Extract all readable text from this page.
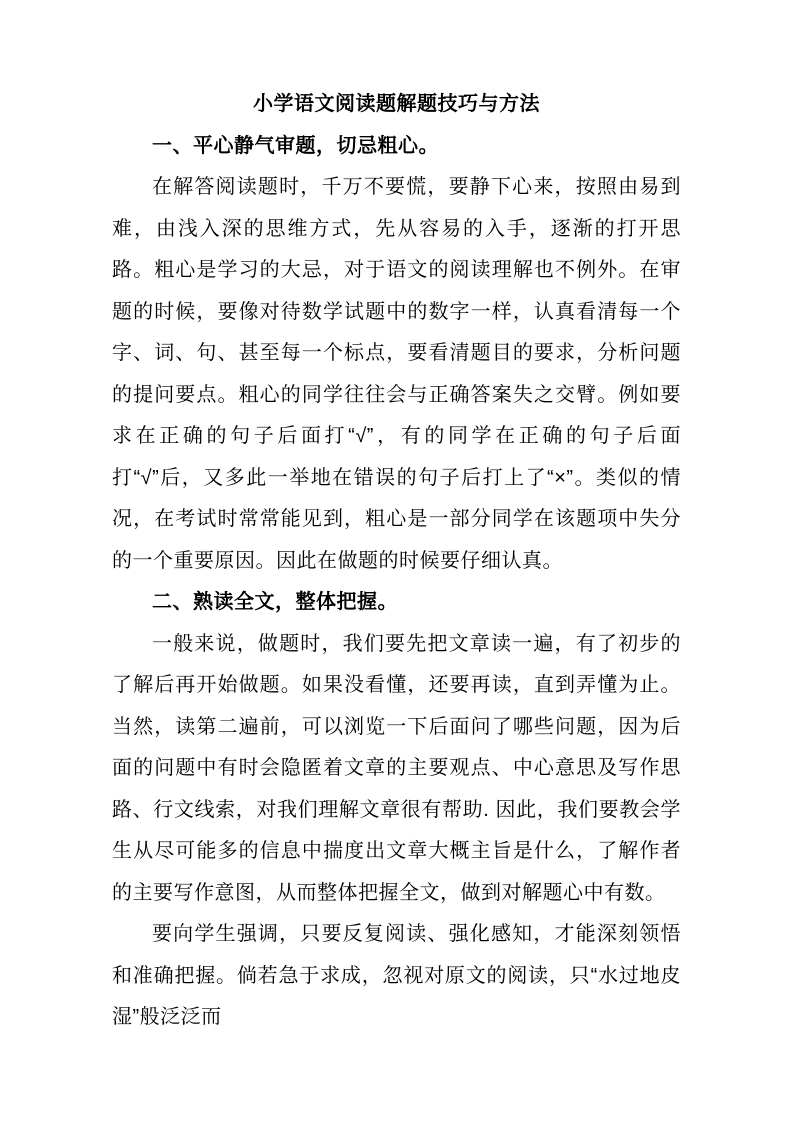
小学语文阅读题解题技巧与方法
一、平心静气审题，切忌粗心。

在解答阅读题时，千万不要慌，要静下心来，按照由易到难，由浅入深的思维方式，先从容易的入手，逐渐的打开思路。粗心是学习的大忌，对于语文的阅读理解也不例外。在审题的时候，要像对待数学试题中的数字一样，认真看清每一个字、词、句、甚至每一个标点，要看清题目的要求，分析问题的提问要点。粗心的同学往往会与正确答案失之交臂。例如要求在正确的句子后面打“√”，有的同学在正确的句子后面打“√”后，又多此一举地在错误的句子后打上了“×”。类似的情况，在考试时常常能见到，粗心是一部分同学在该题项中失分的一个重要原因。因此在做题的时候要仔细认真。

二、熟读全文，整体把握。

一般来说，做题时，我们要先把文章读一遍，有了初步的了解后再开始做题。如果没看懂，还要再读，直到弄懂为止。当然，读第二遍前，可以浏览一下后面问了哪些问题，因为后面的问题中有时会隐匿着文章的主要观点、中心意思及写作思路、行文线索，对我们理解文章很有帮助. 因此，我们要教会学生从尽可能多的信息中揣度出文章大概主旨是什么，了解作者的主要写作意图，从而整体把握全文，做到对解题心中有数。

要向学生强调，只要反复阅读、强化感知，才能深刻领悟和准确把握。倘若急于求成，忽视对原文的阅读，只“水过地皮湿”般泛泛而
